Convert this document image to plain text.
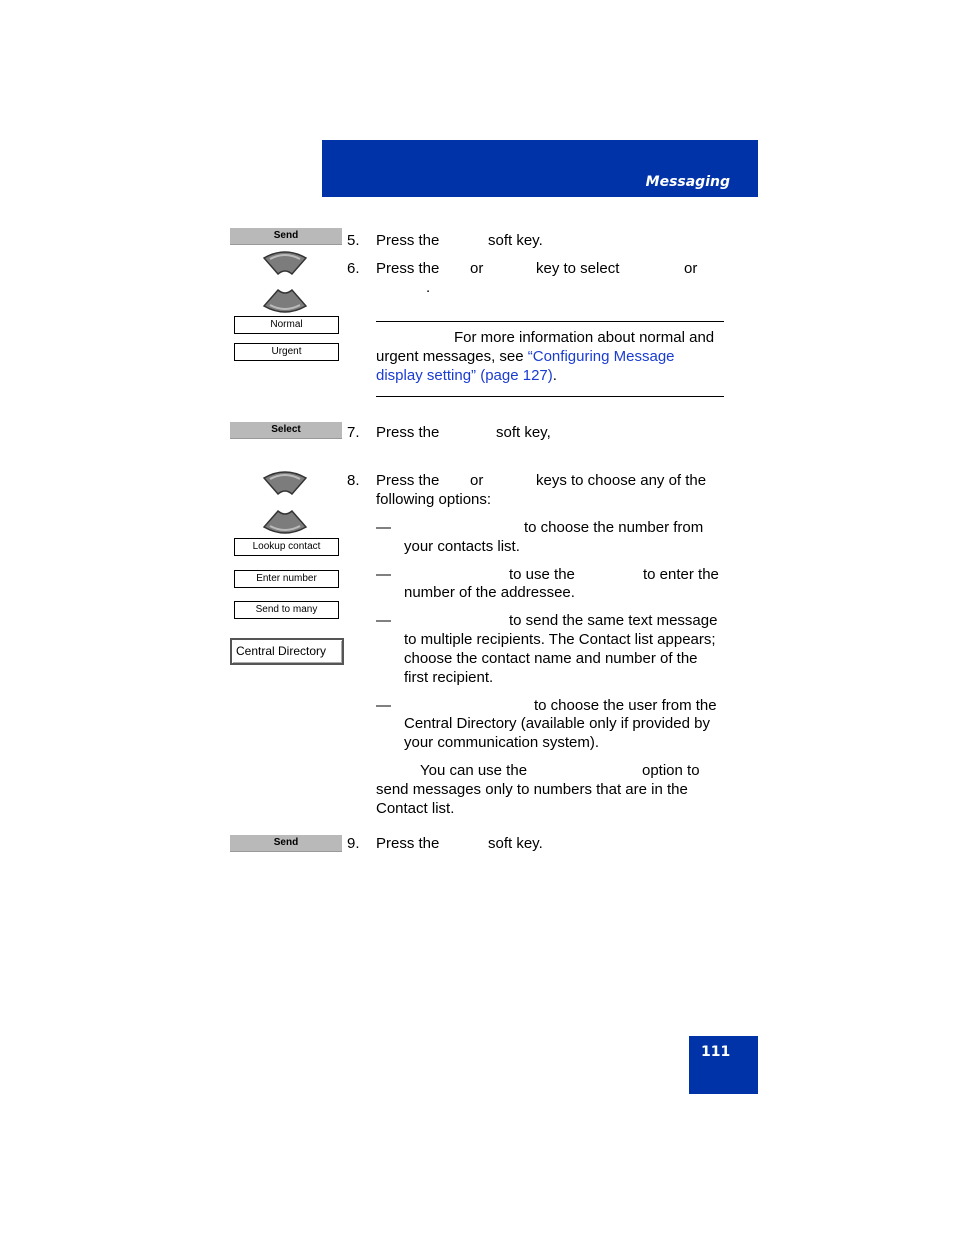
Messaging
Send
Normal
Urgent
Select
Lookup contact
Enter number
Send to many
Central Directory
Send
5. Press the	soft key.
6. Press the or	key to select	or
.
For more information about normal and
urgent messages, see “Configuring Message
display setting” (page 127).
7. Press the	soft key,
8. Press the or	keys to choose any of the
following options:
—	to choose the number from
your contacts list.
—	to use the	to enter the
number of the addressee.
—	to send the same text message
to multiple recipients. The Contact list appears;
choose the contact name and number of the
first recipient.
—	to choose the user from the
Central Directory (available only if provided by
your communication system).
You can use the	option to
send messages only to numbers that are in the
Contact list.
9. Press the	soft key.
111
